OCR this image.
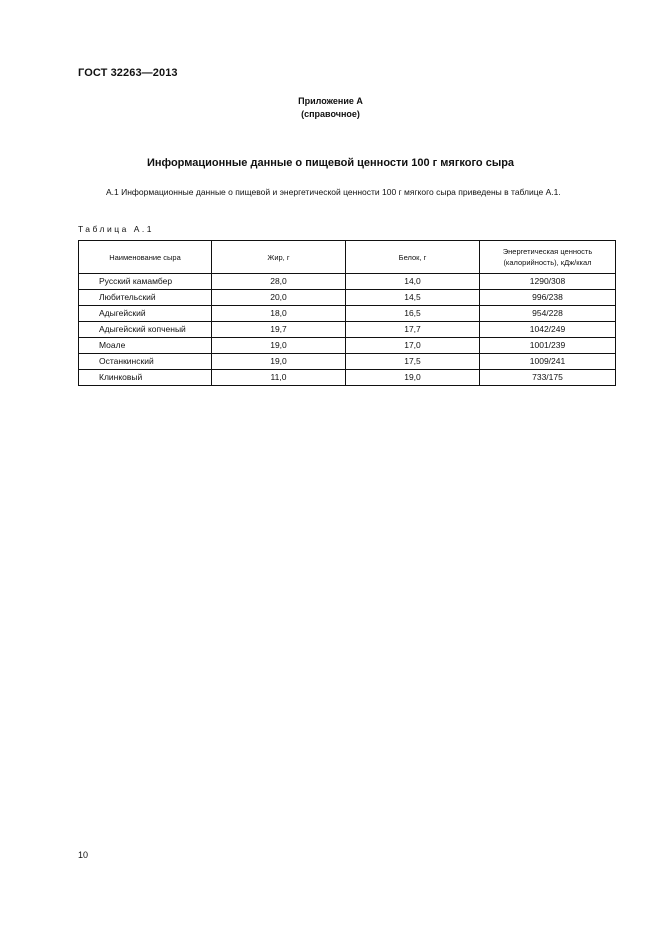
ГОСТ 32263—2013
Приложение А
(справочное)
Информационные данные о пищевой ценности 100 г мягкого сыра
А.1 Информационные данные о пищевой и энергетической ценности 100 г мягкого сыра приведены в таблице А.1.
Таблица А.1
Наименование сыра	Жир, г	Белок, г	Энергетическая ценность (калорийность), кДж/ккал
Русский камамбер	28,0	14,0	1290/308
Любительский	20,0	14,5	996/238
Адыгейский	18,0	16,5	954/228
Адыгейский копченый	19,7	17,7	1042/249
Моале	19,0	17,0	1001/239
Останкинский	19,0	17,5	1009/241
Клинковый	11,0	19,0	733/175
10
